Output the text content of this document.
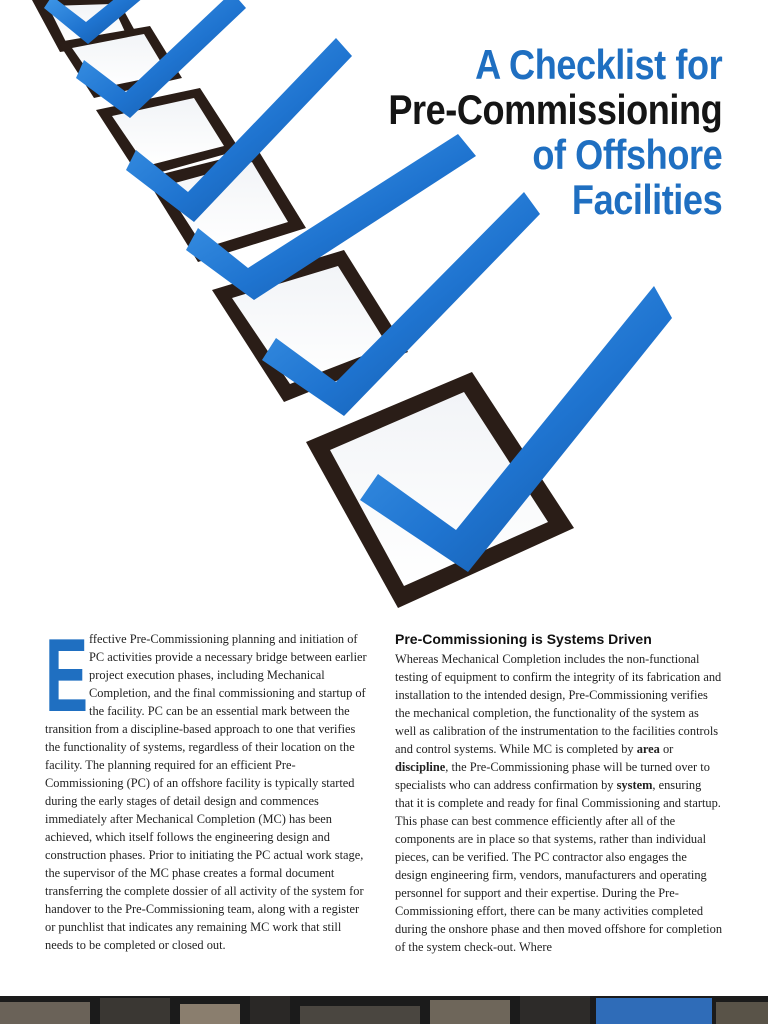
A Checklist for
Pre-Commissioning
of Offshore
Facilities
E ffective Pre-Commissioning planning and initiation of PC activities provide a necessary bridge between earlier project execution phases, including Mechanical Completion, and the final commissioning and startup of the facility. PC can be an essential mark between the transition from a discipline-based approach to one that verifies the functionality of systems, regardless of their location on the facility. The planning required for an efficient Pre-Commissioning (PC) of an offshore facility is typically started during the early stages of detail design and commences immediately after Mechanical Completion (MC) has been achieved, which itself follows the engineering design and construction phases. Prior to initiating the PC actual work stage, the supervisor of the MC phase creates a formal document transferring the complete dossier of all activity of the system for handover to the Pre-Commissioning team, along with a register or punchlist that indicates any remaining MC work that still needs to be completed or closed out.

Pre-Commissioning is Systems Driven

Whereas Mechanical Completion includes the non-functional testing of equipment to confirm the integrity of its fabrication and installation to the intended design, Pre-Commissioning verifies the mechanical completion, the functionality of the system as well as calibration of the instrumentation to the facilities controls and control systems. While MC is completed by area or discipline, the Pre-Commissioning phase will be turned over to specialists who can address confirmation by system, ensuring that it is complete and ready for final Commissioning and startup. This phase can best commence efficiently after all of the components are in place so that systems, rather than individual pieces, can be verified. The PC contractor also engages the design engineering firm, vendors, manufacturers and operating personnel for support and their expertise. During the Pre-Commissioning effort, there can be many activities completed during the onshore phase and then moved offshore for completion of the system check-out. Where
